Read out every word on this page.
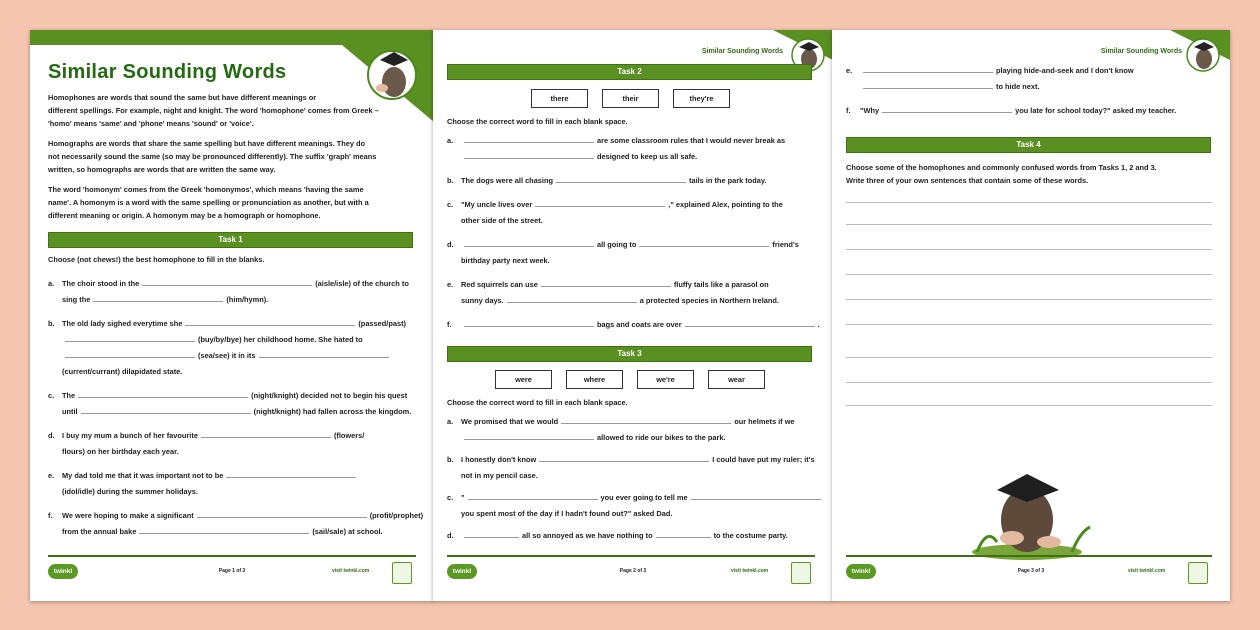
Similar Sounding Words
Homophones are words that sound the same but have different meanings or
different spellings. For example, night and knight. The word 'homophone' comes from Greek –
'homo' means 'same' and 'phone' means 'sound' or 'voice'.
Homographs are words that share the same spelling but have different meanings. They do
not necessarily sound the same (so may be pronounced differently). The suffix 'graph' means
written, so homographs are words that are written the same way.
The word 'homonym' comes from the Greek 'homonymos', which means 'having the same
name'. A homonym is a word with the same spelling or pronunciation as another, but with a
different meaning or origin. A homonym may be a homograph or homophone.
Task 1
Choose (not chews!) the best homophone to fill in the blanks.
a.	The choir stood in the	(aisle/isle) of the church to
sing the	(him/hymn).
b.	The old lady sighed everytime she	(passed/past)
(buy/by/bye) her childhood home. She hated to
(sea/see) it in its
(current/currant) dilapidated state.
c.	The	(night/knight) decided not to begin his quest
until	(night/knight) had fallen across the kingdom.
d.	I buy my mum a bunch of her favourite	(flowers/
flours) on her birthday each year.
e.	My dad told me that it was important not to be
(idol/idle) during the summer holidays.
f.	We were hoping to make a significant	(profit/prophet)
from the annual bake	(sail/sale) at school.
twinkl	Page 1 of 3	visit twinkl.com
Similar Sounding Words
Task 2
there	their	they're
Choose the correct word to fill in each blank space.
a.	are some classroom rules that I would never break as
designed to keep us all safe.
b.	The dogs were all chasing	tails in the park today.
c.	"My uncle lives over	," explained Alex, pointing to the
other side of the street.
d.	all going to	friend's
birthday party next week.
e.	Red squirrels can use	fluffy tails like a parasol on
sunny days.	a protected species in Northern Ireland.
f.	bags and coats are over	.
Task 3
were	where	we're	wear
Choose the correct word to fill in each blank space.
a.	We promised that we would	our helmets if we
allowed to ride our bikes to the park.
b.	I honestly don't know	I could have put my ruler; it's
not in my pencil case.
c.	"	you ever going to tell me
you spent most of the day if I hadn't found out?" asked Dad.
d.	all so annoyed as we have nothing to	to the costume party.
twinkl	Page 2 of 3	visit twinkl.com
Similar Sounding Words
e.	playing hide-and-seek and I don't know
to hide next.
f.	"Why	you late for school today?" asked my teacher.
Task 4
Choose some of the homophones and commonly confused words from Tasks 1, 2 and 3.
Write three of your own sentences that contain some of these words.
twinkl	Page 3 of 3	visit twinkl.com
